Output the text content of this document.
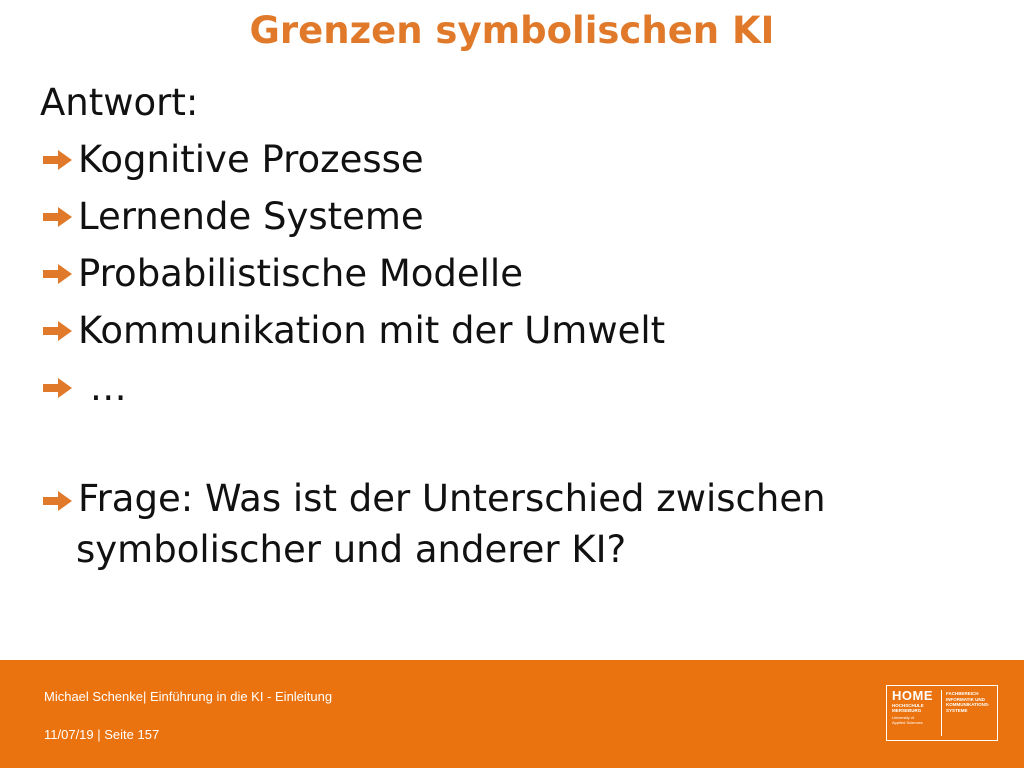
Grenzen symbolischen KI
Antwort:
Kognitive Prozesse
Lernende Systeme
Probabilistische Modelle
Kommunikation mit der Umwelt
…
Frage: Was ist der Unterschied zwischen
symbolischer und anderer KI?
Michael Schenke| Einführung in die KI - Einleitung
11/07/19 | Seite 157
HOME
HOCHSCHULE
MERSEBURG
University of
Applied Sciences
FACHBEREICH
INFORMATIK UND
KOMMUNIKATIONS-
SYSTEME
